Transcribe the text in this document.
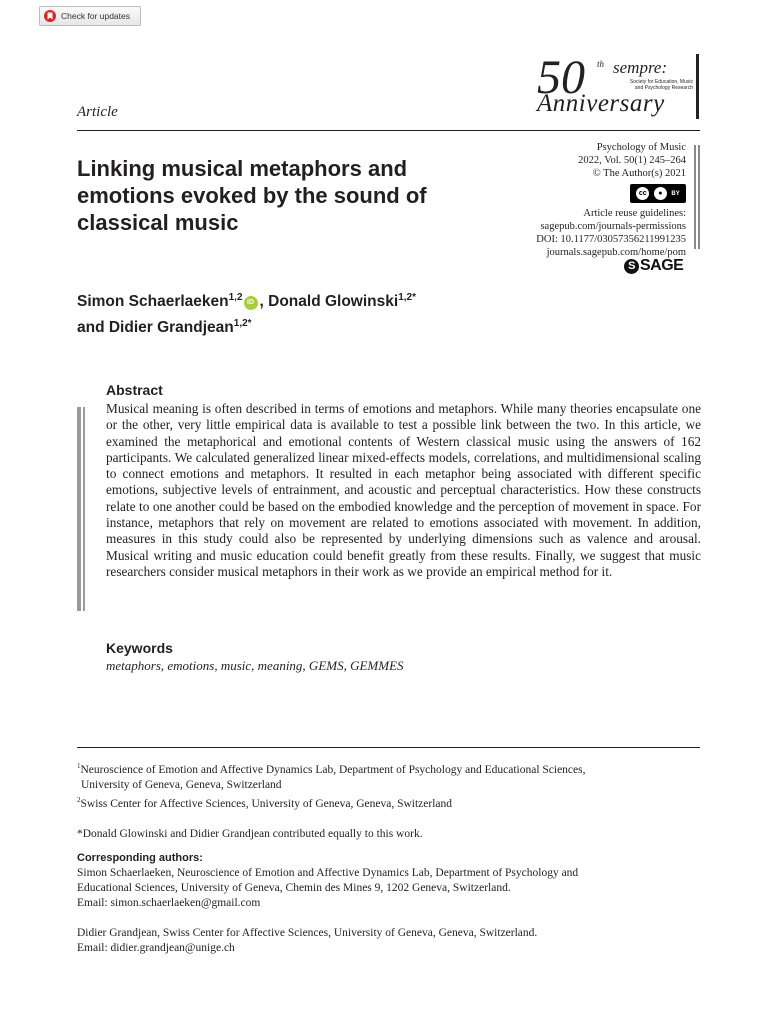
Check for updates
50 th sempre:
Society for Education, Music
and Psychology Research
Anniversary
Article
Linking musical metaphors and emotions evoked by the sound of classical music
Psychology of Music
2022, Vol. 50(1) 245–264
© The Author(s) 2021
Article reuse guidelines:
sagepub.com/journals-permissions
DOI: 10.1177/03057356211991235
journals.sagepub.com/home/pom
cc	●	BY
S SAGE
Simon Schaerlaeken$^{1,2}$ iD , Donald Glowinski$^{1,2*}$
and Didier Grandjean$^{1,2*}$
Abstract

Musical meaning is often described in terms of emotions and metaphors. While many theories encapsulate one or the other, very little empirical data is available to test a possible link between the two. In this article, we examined the metaphorical and emotional contents of Western classical music using the answers of 162 participants. We calculated generalized linear mixed-effects models, correlations, and multidimensional scaling to connect emotions and metaphors. It resulted in each metaphor being associated with different specific emotions, subjective levels of entrainment, and acoustic and perceptual characteristics. How these constructs relate to one another could be based on the embodied knowledge and the perception of movement in space. For instance, metaphors that rely on movement are related to emotions associated with movement. In addition, measures in this study could also be represented by underlying dimensions such as valence and arousal. Musical writing and music education could benefit greatly from these results. Finally, we suggest that music researchers consider musical metaphors in their work as we provide an empirical method for it.

Keywords
metaphors, emotions, music, meaning, GEMS, GEMMES

$^1$Neuroscience of Emotion and Affective Dynamics Lab, Department of Psychology and Educational Sciences,

University of Geneva, Geneva, Switzerland

$^2$Swiss Center for Affective Sciences, University of Geneva, Geneva, Switzerland

*Donald Glowinski and Didier Grandjean contributed equally to this work.

Corresponding authors:

Simon Schaerlaeken, Neuroscience of Emotion and Affective Dynamics Lab, Department of Psychology and

Educational Sciences, University of Geneva, Chemin des Mines 9, 1202 Geneva, Switzerland.

Email: simon.schaerlaeken@gmail.com

Didier Grandjean, Swiss Center for Affective Sciences, University of Geneva, Geneva, Switzerland.

Email: didier.grandjean@unige.ch
